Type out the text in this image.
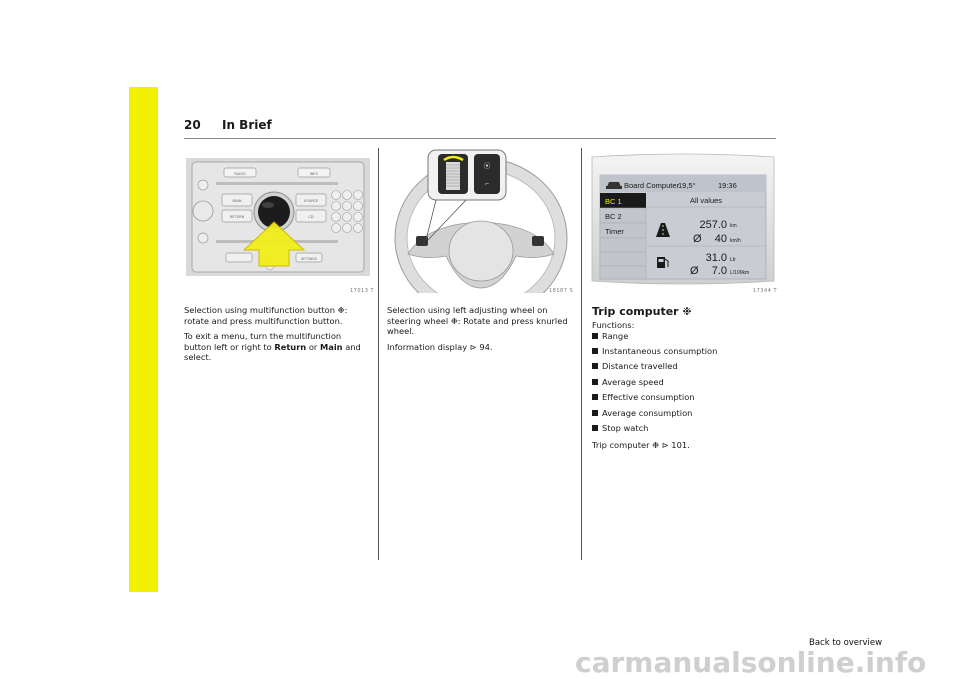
20 In Brief
RADIO	INFO
MAIN
RETURN
SOURCE
CD
SETTINGS
17013 T
⦿
⌐
18187 S
Board Computer
19,5°	19:36
BC 1
BC 2
Timer
All values
257.0 km
Ø 40 km/h
31.0 Ltr
Ø 7.0 L/100km
17344 T

Selection using multifunction button ❉: rotate and press multifunction button.

To exit a menu, turn the multifunction button left or right to Return or Main and select.

Selection using left adjusting wheel on steering wheel ❉: Rotate and press knurled wheel.

Information display ⊳ 94.

Trip computer ❉
Functions:
Range
Instantaneous consumption
Distance travelled
Average speed
Effective consumption
Average consumption
Stop watch
Trip computer ❉ ⊳ 101.
Back to overview
carmanualsonline.info
